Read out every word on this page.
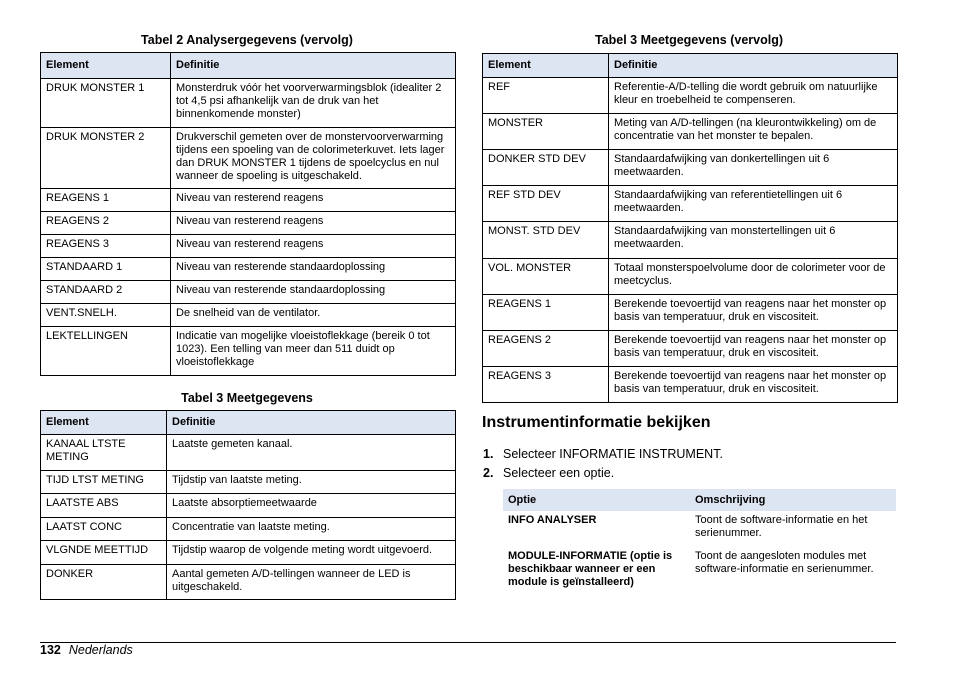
Tabel 2 Analysergegevens (vervolg)
Element	Definitie
DRUK MONSTER 1	Monsterdruk vóór het voorverwarmingsblok (idealiter 2 tot 4,5 psi afhankelijk van de druk van het binnenkomende monster)
DRUK MONSTER 2	Drukverschil gemeten over de monstervoorverwarming tijdens een spoeling van de colorimeterkuvet. Iets lager dan DRUK MONSTER 1 tijdens de spoelcyclus en nul wanneer de spoeling is uitgeschakeld.
REAGENS 1	Niveau van resterend reagens
REAGENS 2	Niveau van resterend reagens
REAGENS 3	Niveau van resterend reagens
STANDAARD 1	Niveau van resterende standaardoplossing
STANDAARD 2	Niveau van resterende standaardoplossing
VENT.SNELH.	De snelheid van de ventilator.
LEKTELLINGEN	Indicatie van mogelijke vloeistoflekkage (bereik 0 tot 1023). Een telling van meer dan 511 duidt op vloeistoflekkage
Tabel 3 Meetgegevens
Element	Definitie
KANAAL LTSTE METING	Laatste gemeten kanaal.
TIJD LTST METING	Tijdstip van laatste meting.
LAATSTE ABS	Laatste absorptiemeetwaarde
LAATST CONC	Concentratie van laatste meting.
VLGNDE MEETTIJD	Tijdstip waarop de volgende meting wordt uitgevoerd.
DONKER	Aantal gemeten A/D-tellingen wanneer de LED is uitgeschakeld.
Tabel 3 Meetgegevens (vervolg)
Element	Definitie
REF	Referentie-A/D-telling die wordt gebruik om natuurlijke kleur en troebelheid te compenseren.
MONSTER	Meting van A/D-tellingen (na kleurontwikkeling) om de concentratie van het monster te bepalen.
DONKER STD DEV	Standaardafwijking van donkertellingen uit 6 meetwaarden.
REF STD DEV	Standaardafwijking van referentietellingen uit 6 meetwaarden.
MONST. STD DEV	Standaardafwijking van monstertellingen uit 6 meetwaarden.
VOL. MONSTER	Totaal monsterspoelvolume door de colorimeter voor de meetcyclus.
REAGENS 1	Berekende toevoertijd van reagens naar het monster op basis van temperatuur, druk en viscositeit.
REAGENS 2	Berekende toevoertijd van reagens naar het monster op basis van temperatuur, druk en viscositeit.
REAGENS 3	Berekende toevoertijd van reagens naar het monster op basis van temperatuur, druk en viscositeit.
Instrumentinformatie bekijken
1. Selecteer INFORMATIE INSTRUMENT.
2. Selecteer een optie.
Optie	Omschrijving
INFO ANALYSER	Toont de software-informatie en het serienummer.
MODULE-INFORMATIE (optie is beschikbaar wanneer er een module is geïnstalleerd)	Toont de aangesloten modules met software-informatie en serienummer.
132 Nederlands
